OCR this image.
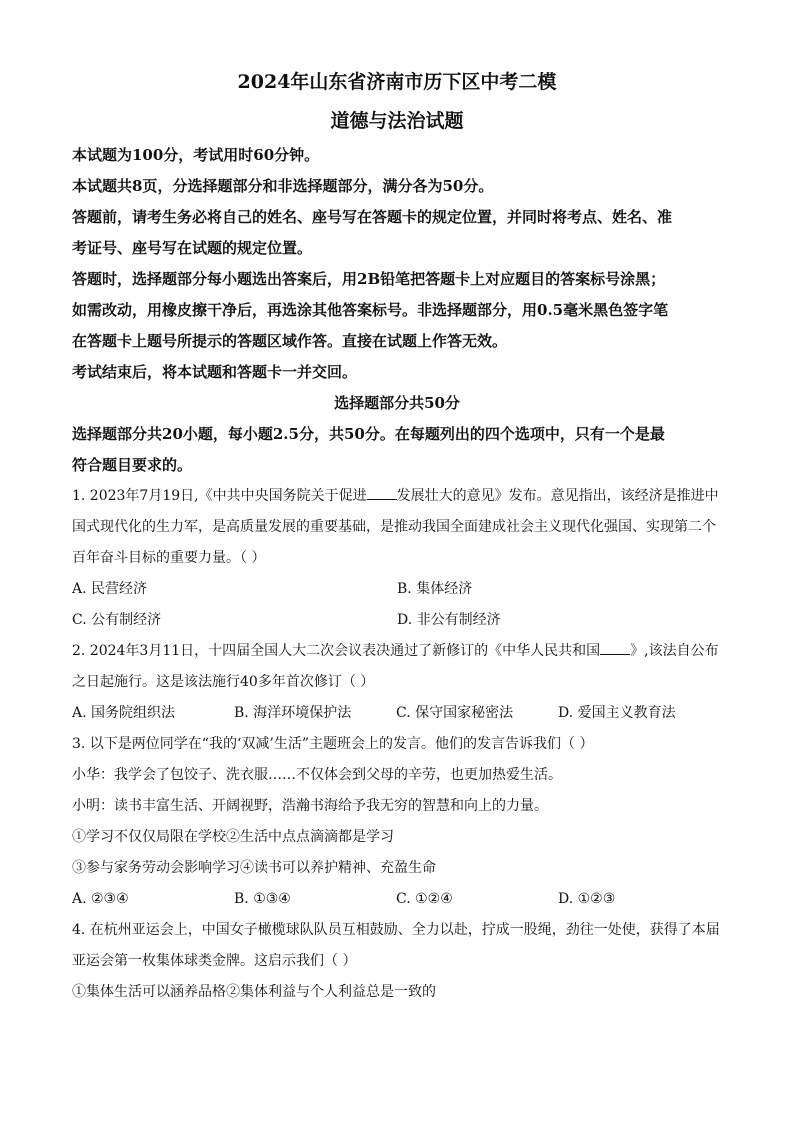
2024年山东省济南市历下区中考二模

道德与法治试题

本试题为100分，考试用时60分钟。

本试题共8页，分选择题部分和非选择题部分，满分各为50分。

答题前，请考生务必将自己的姓名、座号写在答题卡的规定位置，并同时将考点、姓名、准

考证号、座号写在试题的规定位置。

答题时，选择题部分每小题选出答案后，用2B铅笔把答题卡上对应题目的答案标号涂黑；

如需改动，用橡皮擦干净后，再选涂其他答案标号。非选择题部分，用0.5毫米黑色签字笔

在答题卡上题号所提示的答题区域作答。直接在试题上作答无效。

考试结束后，将本试题和答题卡一并交回。

选择题部分共50分

选择题部分共20小题，每小题2.5分，共50分。在每题列出的四个选项中，只有一个是最

符合题目要求的。

1. 2023年7月19日,《中共中央国务院关于促进 发展壮大的意见》发布。意见指出，该经济是推进中

国式现代化的生力军，是高质量发展的重要基础，是推动我国全面建成社会主义现代化强国、实现第二个

百年奋斗目标的重要力量。（ ）

A. 民营经济	B. 集体经济
C. 公有制经济	D. 非公有制经济

2. 2024年3月11日，十四届全国人大二次会议表决通过了新修订的《中华人民共和国 》,该法自公布

之日起施行。这是该法施行40多年首次修订（ ）

A. 国务院组织法	B. 海洋环境保护法	C. 保守国家秘密法	D. 爱国主义教育法

3. 以下是两位同学在“我的‘双减’生活”主题班会上的发言。他们的发言告诉我们（ ）

小华：我学会了包饺子、洗衣服……不仅体会到父母的辛劳，也更加热爱生活。

小明：读书丰富生活、开阔视野，浩瀚书海给予我无穷的智慧和向上的力量。

①学习不仅仅局限在学校②生活中点点滴滴都是学习

③参与家务劳动会影响学习④读书可以养护精神、充盈生命

A. ②③④	B. ①③④	C. ①②④	D. ①②③

4. 在杭州亚运会上，中国女子橄榄球队队员互相鼓励、全力以赴，拧成一股绳，劲往一处使，获得了本届

亚运会第一枚集体球类金牌。这启示我们（ ）

①集体生活可以涵养品格②集体利益与个人利益总是一致的
